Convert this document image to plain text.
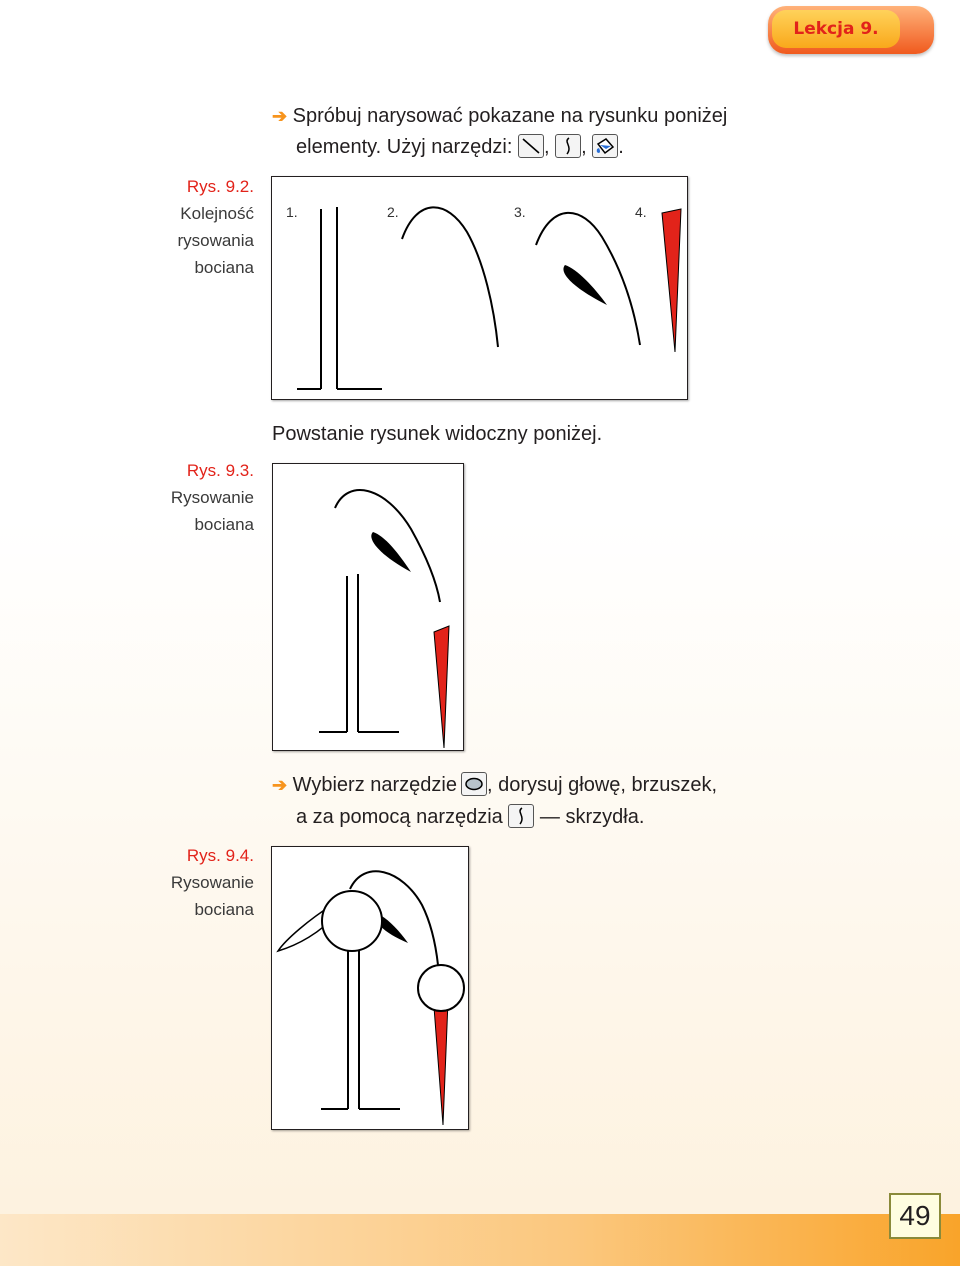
Lekcja 9.
➔ Spróbuj narysować pokazane na rysunku poniżej
elementy. Użyj narzędzi: , , .
Rys. 9.2.
Kolejność
rysowania
bociana
1.	2.	3.	4.
Powstanie rysunek widoczny poniżej.
Rys. 9.3.
Rysowanie
bociana
➔ Wybierz narzędzie , dorysuj głowę, brzuszek,
a za pomocą narzędzia — skrzydła.
Rys. 9.4.
Rysowanie
bociana
49
